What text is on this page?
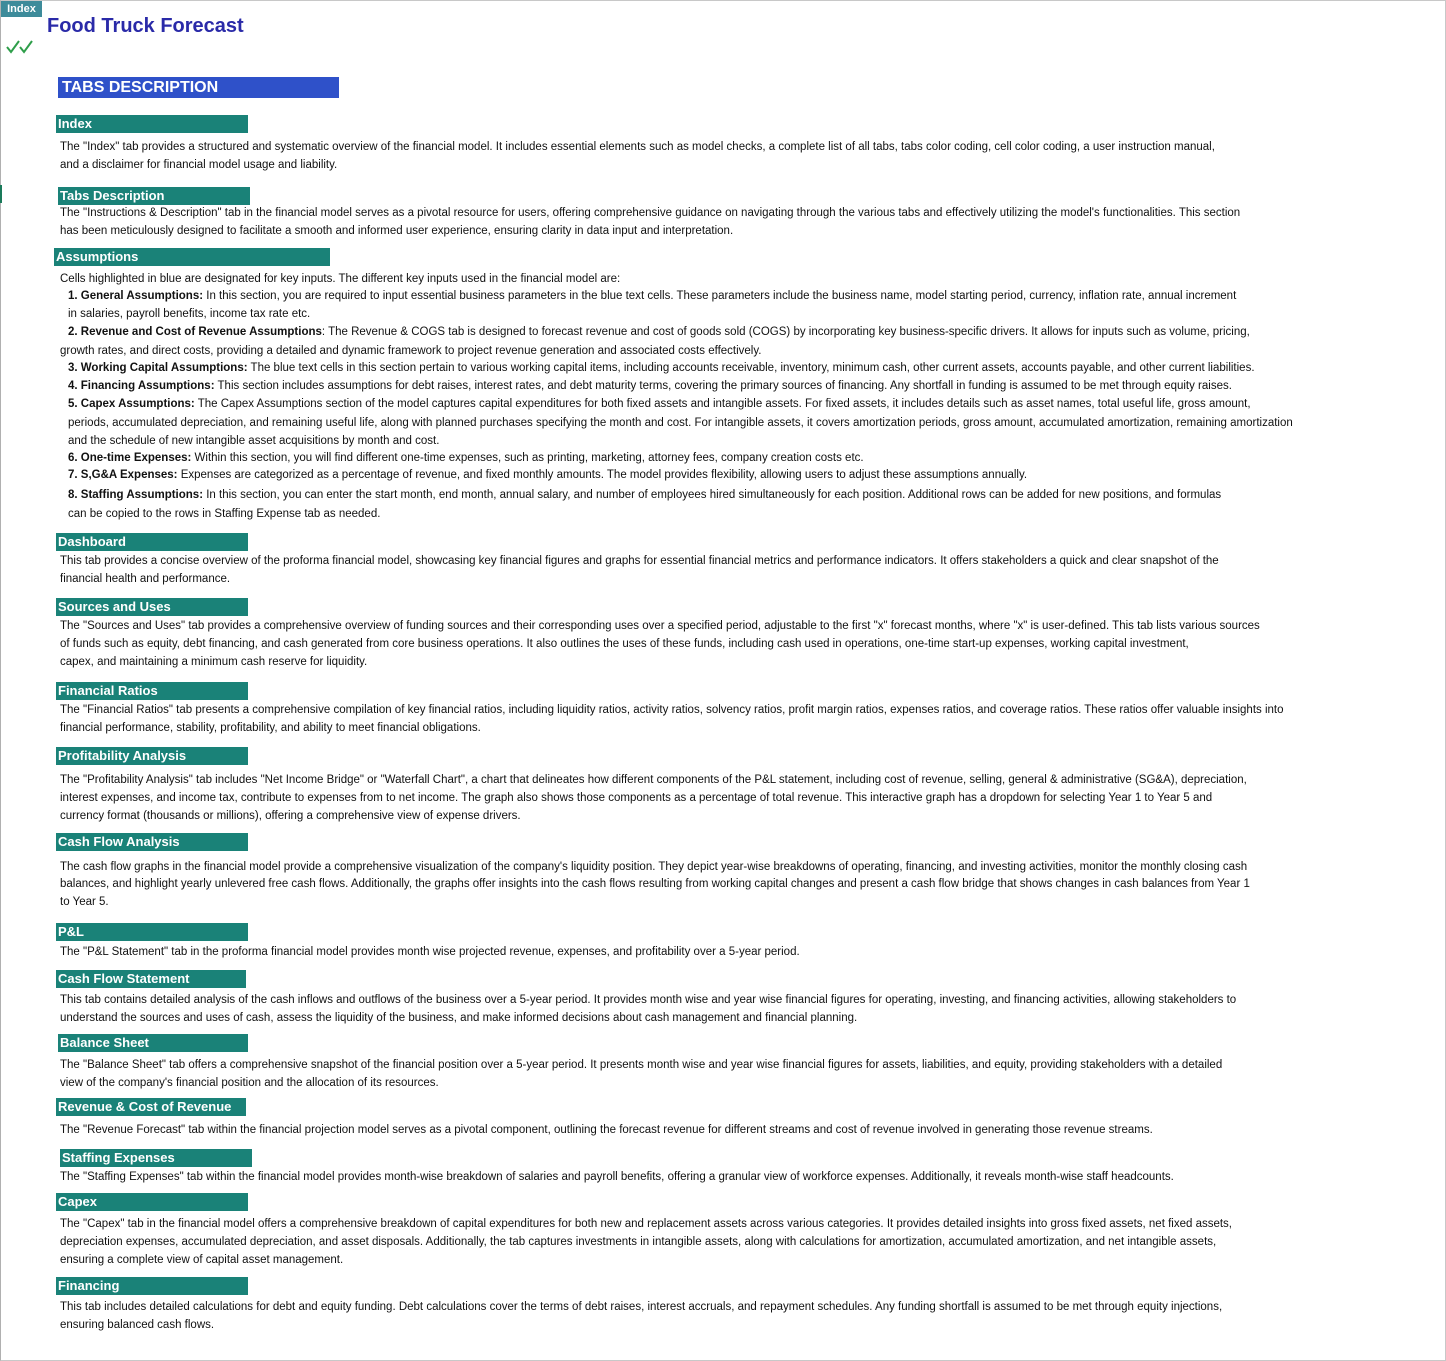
Index
Food Truck Forecast
TABS DESCRIPTION
Index
The "Index" tab provides a structured and systematic overview of the financial model. It includes essential elements such as model checks, a complete list of all tabs, tabs color coding, cell color coding, a user instruction manual,
and a disclaimer for financial model usage and liability.
Tabs Description
The "Instructions & Description" tab in the financial model serves as a pivotal resource for users, offering comprehensive guidance on navigating through the various tabs and effectively utilizing the model's functionalities. This section
has been meticulously designed to facilitate a smooth and informed user experience, ensuring clarity in data input and interpretation.
Assumptions
Cells highlighted in blue are designated for key inputs. The different key inputs used in the financial model are:
1. General Assumptions: In this section, you are required to input essential business parameters in the blue text cells. These parameters include the business name, model starting period, currency, inflation rate, annual increment
in salaries, payroll benefits, income tax rate etc.
2. Revenue and Cost of Revenue Assumptions: The Revenue & COGS tab is designed to forecast revenue and cost of goods sold (COGS) by incorporating key business-specific drivers. It allows for inputs such as volume, pricing,
growth rates, and direct costs, providing a detailed and dynamic framework to project revenue generation and associated costs effectively.
3. Working Capital Assumptions: The blue text cells in this section pertain to various working capital items, including accounts receivable, inventory, minimum cash, other current assets, accounts payable, and other current liabilities.
4. Financing Assumptions: This section includes assumptions for debt raises, interest rates, and debt maturity terms, covering the primary sources of financing. Any shortfall in funding is assumed to be met through equity raises.
5. Capex Assumptions: The Capex Assumptions section of the model captures capital expenditures for both fixed assets and intangible assets. For fixed assets, it includes details such as asset names, total useful life, gross amount,
periods, accumulated depreciation, and remaining useful life, along with planned purchases specifying the month and cost. For intangible assets, it covers amortization periods, gross amount, accumulated amortization, remaining amortization
and the schedule of new intangible asset acquisitions by month and cost.
6. One-time Expenses: Within this section, you will find different one-time expenses, such as printing, marketing, attorney fees, company creation costs etc.
7. S,G&A Expenses: Expenses are categorized as a percentage of revenue, and fixed monthly amounts. The model provides flexibility, allowing users to adjust these assumptions annually.
8. Staffing Assumptions: In this section, you can enter the start month, end month, annual salary, and number of employees hired simultaneously for each position. Additional rows can be added for new positions, and formulas
can be copied to the rows in Staffing Expense tab as needed.
Dashboard
This tab provides a concise overview of the proforma financial model, showcasing key financial figures and graphs for essential financial metrics and performance indicators. It offers stakeholders a quick and clear snapshot of the
financial health and performance.
Sources and Uses
The "Sources and Uses" tab provides a comprehensive overview of funding sources and their corresponding uses over a specified period, adjustable to the first "x" forecast months, where "x" is user-defined. This tab lists various sources
of funds such as equity, debt financing, and cash generated from core business operations. It also outlines the uses of these funds, including cash used in operations, one-time start-up expenses, working capital investment,
capex, and maintaining a minimum cash reserve for liquidity.
Financial Ratios
The "Financial Ratios" tab presents a comprehensive compilation of key financial ratios, including liquidity ratios, activity ratios, solvency ratios, profit margin ratios, expenses ratios, and coverage ratios. These ratios offer valuable insights into
financial performance, stability, profitability, and ability to meet financial obligations.
Profitability Analysis
The "Profitability Analysis" tab includes "Net Income Bridge" or "Waterfall Chart", a chart that delineates how different components of the P&L statement, including cost of revenue, selling, general & administrative (SG&A), depreciation,
interest expenses, and income tax, contribute to expenses from to net income. The graph also shows those components as a percentage of total revenue. This interactive graph has a dropdown for selecting Year 1 to Year 5 and
currency format (thousands or millions), offering a comprehensive view of expense drivers.
Cash Flow Analysis
The cash flow graphs in the financial model provide a comprehensive visualization of the company's liquidity position. They depict year-wise breakdowns of operating, financing, and investing activities, monitor the monthly closing cash
balances, and highlight yearly unlevered free cash flows. Additionally, the graphs offer insights into the cash flows resulting from working capital changes and present a cash flow bridge that shows changes in cash balances from Year 1
to Year 5.
P&L
The "P&L Statement" tab in the proforma financial model provides month wise projected revenue, expenses, and profitability over a 5-year period.
Cash Flow Statement
This tab contains detailed analysis of the cash inflows and outflows of the business over a 5-year period. It provides month wise and year wise financial figures for operating, investing, and financing activities, allowing stakeholders to
understand the sources and uses of cash, assess the liquidity of the business, and make informed decisions about cash management and financial planning.
Balance Sheet
The "Balance Sheet" tab offers a comprehensive snapshot of the financial position over a 5-year period. It presents month wise and year wise financial figures for assets, liabilities, and equity, providing stakeholders with a detailed
view of the company's financial position and the allocation of its resources.
Revenue & Cost of Revenue
The "Revenue Forecast" tab within the financial projection model serves as a pivotal component, outlining the forecast revenue for different streams and cost of revenue involved in generating those revenue streams.
Staffing Expenses
The "Staffing Expenses" tab within the financial model provides month-wise breakdown of salaries and payroll benefits, offering a granular view of workforce expenses. Additionally, it reveals month-wise staff headcounts.
Capex
The "Capex" tab in the financial model offers a comprehensive breakdown of capital expenditures for both new and replacement assets across various categories. It provides detailed insights into gross fixed assets, net fixed assets,
depreciation expenses, accumulated depreciation, and asset disposals. Additionally, the tab captures investments in intangible assets, along with calculations for amortization, accumulated amortization, and net intangible assets,
ensuring a complete view of capital asset management.
Financing
This tab includes detailed calculations for debt and equity funding. Debt calculations cover the terms of debt raises, interest accruals, and repayment schedules. Any funding shortfall is assumed to be met through equity injections,
ensuring balanced cash flows.
